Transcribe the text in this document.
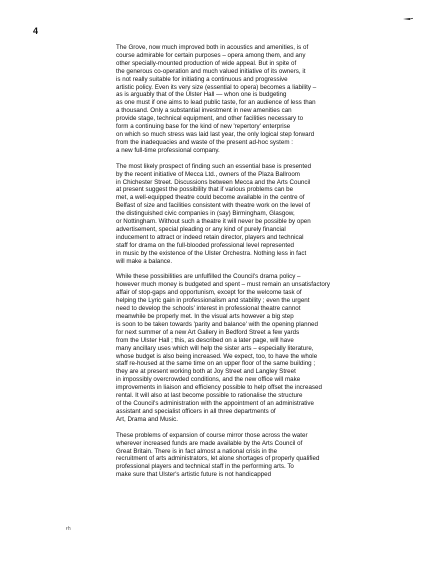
4
The Grove, now much improved both in acoustics and amenities, is of
course admirable for certain purposes – opera among them, and any
other specially-mounted production of wide appeal. But in spite of
the generous co-operation and much valued initiative of its owners, it
is not really suitable for initiating a continuous and progressive
artistic policy. Even its very size (essential to opera) becomes a liability –
as is arguably that of the Ulster Hall — whon one is budgeting
as one must if one aims to lead public taste, for an audience of less than
a thousand. Only a substantial investment in new amenities can
provide stage, technical equipment, and other facilities necessary to
form a continuing base for the kind of new 'repertory' enterprise
on which so much stress was laid last year, the only logical step forward
from the inadequacies and waste of the present ad-hoc system :
a new full-time professional company.
The most likely prospect of finding such an essential base is presented
by the recent initiative of Mecca Ltd., owners of the Plaza Ballroom
in Chichester Street. Discussions between Mecca and the Arts Council
at present suggest the possibility that if various problems can be
met, a well-equipped theatre could become available in the centre of
Belfast of size and facilities consistent with theatre work on the level of
the distinguished civic companies in (say) Birmingham, Glasgow,
or Nottingham. Without such a theatre it will never be possible by open
advertisement, special pleading or any kind of purely financial
inducement to attract or indeed retain director, players and technical
staff for drama on the full-blooded professional level represented
in music by the existence of the Ulster Orchestra. Nothing less in fact
will make a balance.
While these possibilities are unfulfilled the Council's drama policy –
however much money is budgeted and spent – must remain an unsatisfactory
affair of stop-gaps and opportunism, except for the welcome task of
helping the Lyric gain in professionalism and stability ; even the urgent
need to develop the schools' interest in professional theatre cannot
meanwhile be properly met. In the visual arts however a big step
is soon to be taken towards 'parity and balance' with the opening planned
for next summer of a new Art Gallery in Bedford Street a few yards
from the Ulster Hall ; this, as described on a later page, will have
many ancillary uses which will help the sister arts – especially literature,
whose budget is also being increased. We expect, too, to have the whole
staff re-housed at the same time on an upper floor of the same building ;
they are at present working both at Joy Street and Langley Street
in impossibly overcrowded conditions, and the new office will make
improvements in liaison and efficiency possible to help offset the increased
rental. It will also at last become possible to rationalise the structure
of the Council's administration with the appointment of an administrative
assistant and specialist officers in all three departments of
Art, Drama and Music.
These problems of expansion of course mirror those across the water
wherever increased funds are made available by the Arts Council of
Great Britain. There is in fact almost a national crisis in the
recruitment of arts administrators, let alone shortages of properly qualified
professional players and technical staff in the performing arts. To
make sure that Ulster's artistic future is not handicapped
ғh
